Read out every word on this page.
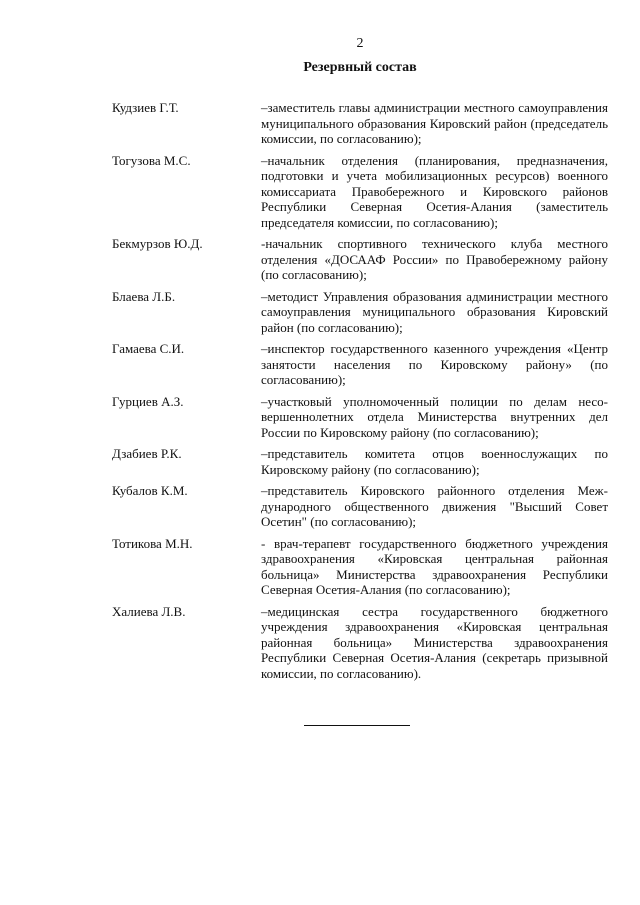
2
Резервный состав
Кудзиев Г.Т.	–заместитель главы администрации местного самоуправления муниципального образования Кировский район (председатель комиссии, по согласованию);
Тогузова М.С.	–начальник отделения (планирования, предназначения, подготовки и учета мобилизационных ресурсов) военного комиссариата Правобережного и Кировского районов Республики Северная Осетия-Алания (заместитель председателя комиссии, по согласованию);
Бекмурзов Ю.Д.	-начальник спортивного технического клуба местного отделения «ДОСААФ России» по Правобережному району (по согласованию);
Блаева Л.Б.	–методист Управления образования администрации местного самоуправления муниципального образования Кировский район (по согласованию);
Гамаева С.И.	–инспектор государственного казенного учреждения «Центр занятости населения по Кировскому району» (по согласованию);
Гурциев А.З.	–участковый уполномоченный полиции по делам несовершеннолетних отдела Министерства внутренних дел России по Кировскому району (по согласованию);
Дзабиев Р.К.	–представитель комитета отцов военнослужащих по Кировскому району (по согласованию);
Кубалов К.М.	–представитель Кировского районного отделения Международного общественного движения "Высший Совет Осетин" (по согласованию);
Тотикова М.Н.	- врач-терапевт государственного бюджетного учреждения здравоохранения «Кировская центральная районная больница» Министерства здравоохранения Республики Северная Осетия-Алания (по согласованию);
Халиева Л.В.	–медицинская сестра государственного бюджетного учреждения здравоохранения «Кировская центральная районная больница» Министерства здравоохранения Республики Северная Осетия-Алания (секретарь призывной комиссии, по согласованию).
